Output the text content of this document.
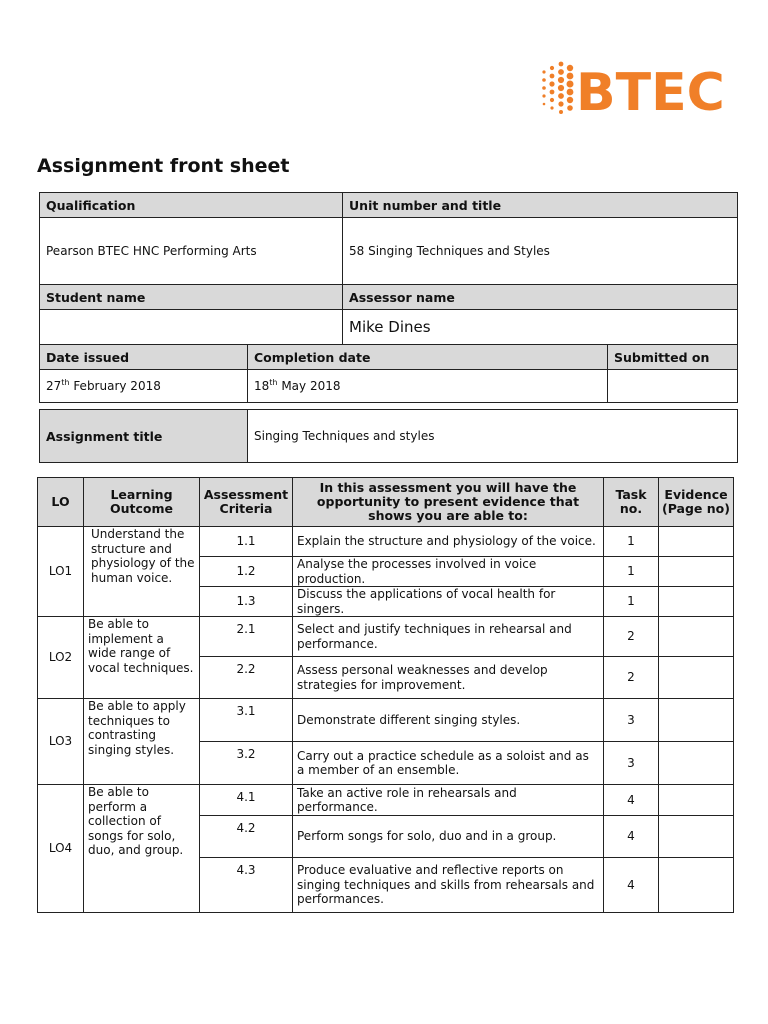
BTEC
Assignment front sheet
Qualification		Unit number and title	
Pearson BTEC HNC Performing Arts		58 Singing Techniques and Styles	
Student name		Assessor name	
		Mike Dines	
Date issued	Completion date		Submitted on
27th February 2018	18th May 2018		
Assignment title	Singing Techniques and styles
LO	Learning Outcome	Assessment Criteria	In this assessment you will have the opportunity to present evidence that shows you are able to:	Task no.	Evidence (Page no)
LO1	Understand the structure and physiology of the human voice.	1.1	Explain the structure and physiology of the voice.	1	
		1.2	Analyse the processes involved in voice production.	1	
		1.3	Discuss the applications of vocal health for singers.	1	
LO2	Be able to implement a wide range of vocal techniques.	2.1	Select and justify techniques in rehearsal and performance.	2	
		2.2	Assess personal weaknesses and develop strategies for improvement.	2	
LO3	Be able to apply techniques to contrasting singing styles.	3.1	Demonstrate different singing styles.	3	
		3.2	Carry out a practice schedule as a soloist and as a member of an ensemble.	3	
LO4	Be able to perform a collection of songs for solo, duo, and group.	4.1	Take an active role in rehearsals and performance.	4	
		4.2	Perform songs for solo, duo and in a group.	4	
		4.3	Produce evaluative and reflective reports on singing techniques and skills from rehearsals and performances.	4	
